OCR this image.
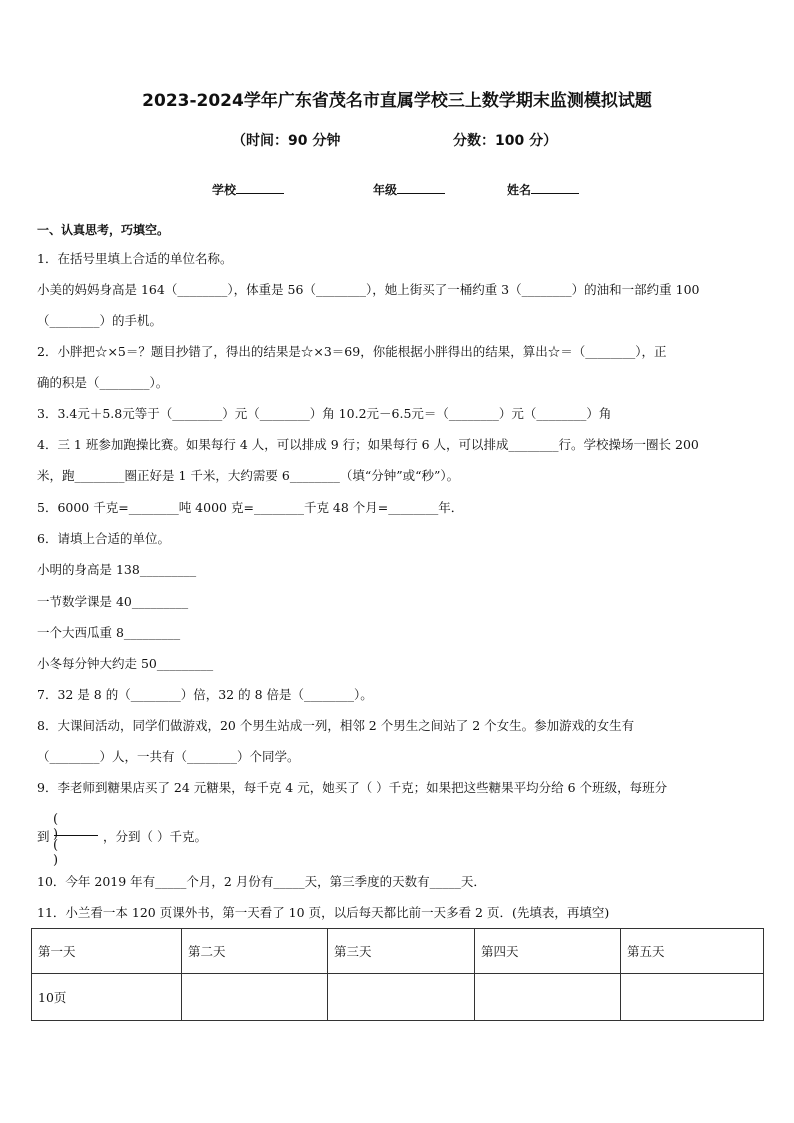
2023-2024学年广东省茂名市直属学校三上数学期末监测模拟试题
（时间：90 分钟	分数：100 分）
学校	年级	姓名
一、认真思考，巧填空。
1．在括号里填上合适的单位名称。
小美的妈妈身高是 164（________），体重是 56（________），她上街买了一桶约重 3（________）的油和一部约重 100
（________）的手机。
2．小胖把☆×5＝？题目抄错了，得出的结果是☆×3＝69，你能根据小胖得出的结果，算出☆＝（________），正
确的积是（________）。
3．3.4元＋5.8元等于（________）元（________）角 10.2元－6.5元＝（________）元（________）角
4．三 1 班参加跑操比赛。如果每行 4 人，可以排成 9 行；如果每行 6 人，可以排成________行。学校操场一圈长 200
米，跑________圈正好是 1 千米，大约需要 6________（填“分钟”或“秒”）。
5．6000 千克=________吨 4000 克=________千克 48 个月=________年．
6．请填上合适的单位。
小明的身高是 138_________
一节数学课是 40_________
一个大西瓜重 8_________
小冬每分钟大约走 50_________
7．32 是 8 的（________）倍，32 的 8 倍是（________）。
8．大课间活动，同学们做游戏，20 个男生站成一列，相邻 2 个男生之间站了 2 个女生。参加游戏的女生有
（________）人，一共有（________）个同学。
9．李老师到糖果店买了 24 元糖果，每千克 4 元，她买了（ ）千克；如果把这些糖果平均分给 6 个班级，每班分
到
( )
( )
，分到（ ）千克。
10．今年 2019 年有_____个月，2 月份有_____天，第三季度的天数有_____天．
11．小兰看一本 120 页课外书，第一天看了 10 页，以后每天都比前一天多看 2 页．(先填表，再填空)
第一天	第二天	第三天	第四天	第五天
10页				
